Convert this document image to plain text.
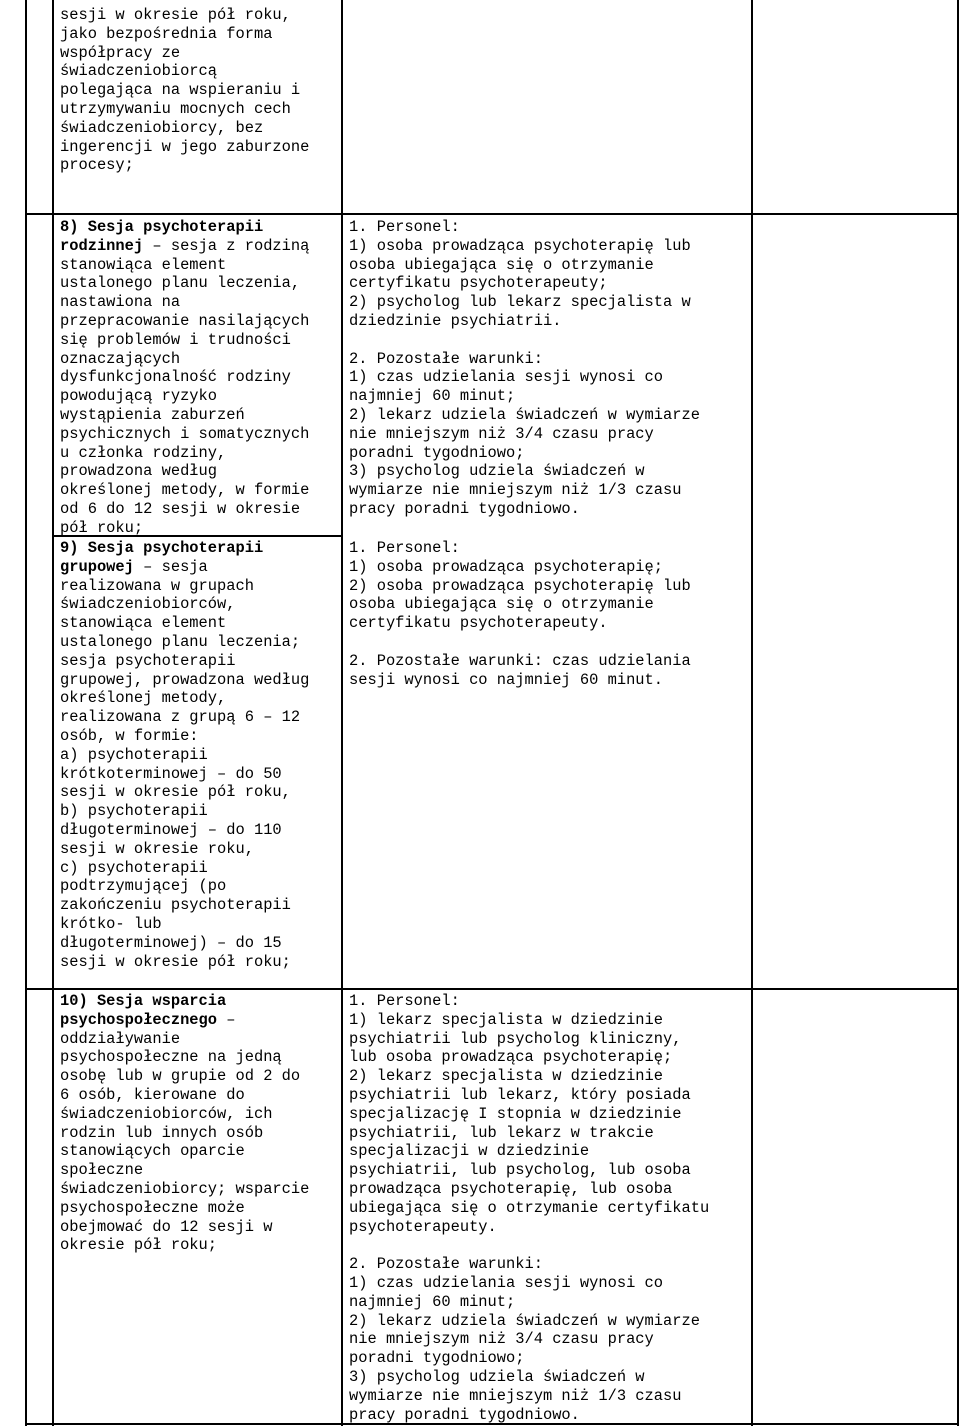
sesji w okresie pół roku,
jako bezpośrednia forma
współpracy ze
świadczeniobiorcą
polegająca na wspieraniu i
utrzymywaniu mocnych cech
świadczeniobiorcy, bez
ingerencji w jego zaburzone
procesy;
8) Sesja psychoterapii
rodzinnej – sesja z rodziną
stanowiąca element
ustalonego planu leczenia,
nastawiona na
przepracowanie nasilających
się problemów i trudności
oznaczających
dysfunkcjonalność rodziny
powodującą ryzyko
wystąpienia zaburzeń
psychicznych i somatycznych
u członka rodziny,
prowadzona według
określonej metody, w formie
od 6 do 12 sesji w okresie
pół roku;
1. Personel:
1) osoba prowadząca psychoterapię lub
osoba ubiegająca się o otrzymanie
certyfikatu psychoterapeuty;
2) psycholog lub lekarz specjalista w
dziedzinie psychiatrii.
2. Pozostałe warunki:
1) czas udzielania sesji wynosi co
najmniej 60 minut;
2) lekarz udziela świadczeń w wymiarze
nie mniejszym niż 3/4 czasu pracy
poradni tygodniowo;
3) psycholog udziela świadczeń w
wymiarze nie mniejszym niż 1/3 czasu
pracy poradni tygodniowo.
9) Sesja psychoterapii
grupowej – sesja
realizowana w grupach
świadczeniobiorców,
stanowiąca element
ustalonego planu leczenia;
sesja psychoterapii
grupowej, prowadzona według
określonej metody,
realizowana z grupą 6 – 12
osób, w formie:
a) psychoterapii
krótkoterminowej – do 50
sesji w okresie pół roku,
b) psychoterapii
długoterminowej – do 110
sesji w okresie roku,
c) psychoterapii
podtrzymującej (po
zakończeniu psychoterapii
krótko- lub
długoterminowej) – do 15
sesji w okresie pół roku;
1. Personel:
1) osoba prowadząca psychoterapię;
2) osoba prowadząca psychoterapię lub
osoba ubiegająca się o otrzymanie
certyfikatu psychoterapeuty.
2. Pozostałe warunki: czas udzielania
sesji wynosi co najmniej 60 minut.
10) Sesja wsparcia
psychospołecznego –
oddziaływanie
psychospołeczne na jedną
osobę lub w grupie od 2 do
6 osób, kierowane do
świadczeniobiorców, ich
rodzin lub innych osób
stanowiących oparcie
społeczne
świadczeniobiorcy; wsparcie
psychospołeczne może
obejmować do 12 sesji w
okresie pół roku;
1. Personel:
1) lekarz specjalista w dziedzinie
psychiatrii lub psycholog kliniczny,
lub osoba prowadząca psychoterapię;
2) lekarz specjalista w dziedzinie
psychiatrii lub lekarz, który posiada
specjalizację I stopnia w dziedzinie
psychiatrii, lub lekarz w trakcie
specjalizacji w dziedzinie
psychiatrii, lub psycholog, lub osoba
prowadząca psychoterapię, lub osoba
ubiegająca się o otrzymanie certyfikatu
psychoterapeuty.
2. Pozostałe warunki:
1) czas udzielania sesji wynosi co
najmniej 60 minut;
2) lekarz udziela świadczeń w wymiarze
nie mniejszym niż 3/4 czasu pracy
poradni tygodniowo;
3) psycholog udziela świadczeń w
wymiarze nie mniejszym niż 1/3 czasu
pracy poradni tygodniowo.
